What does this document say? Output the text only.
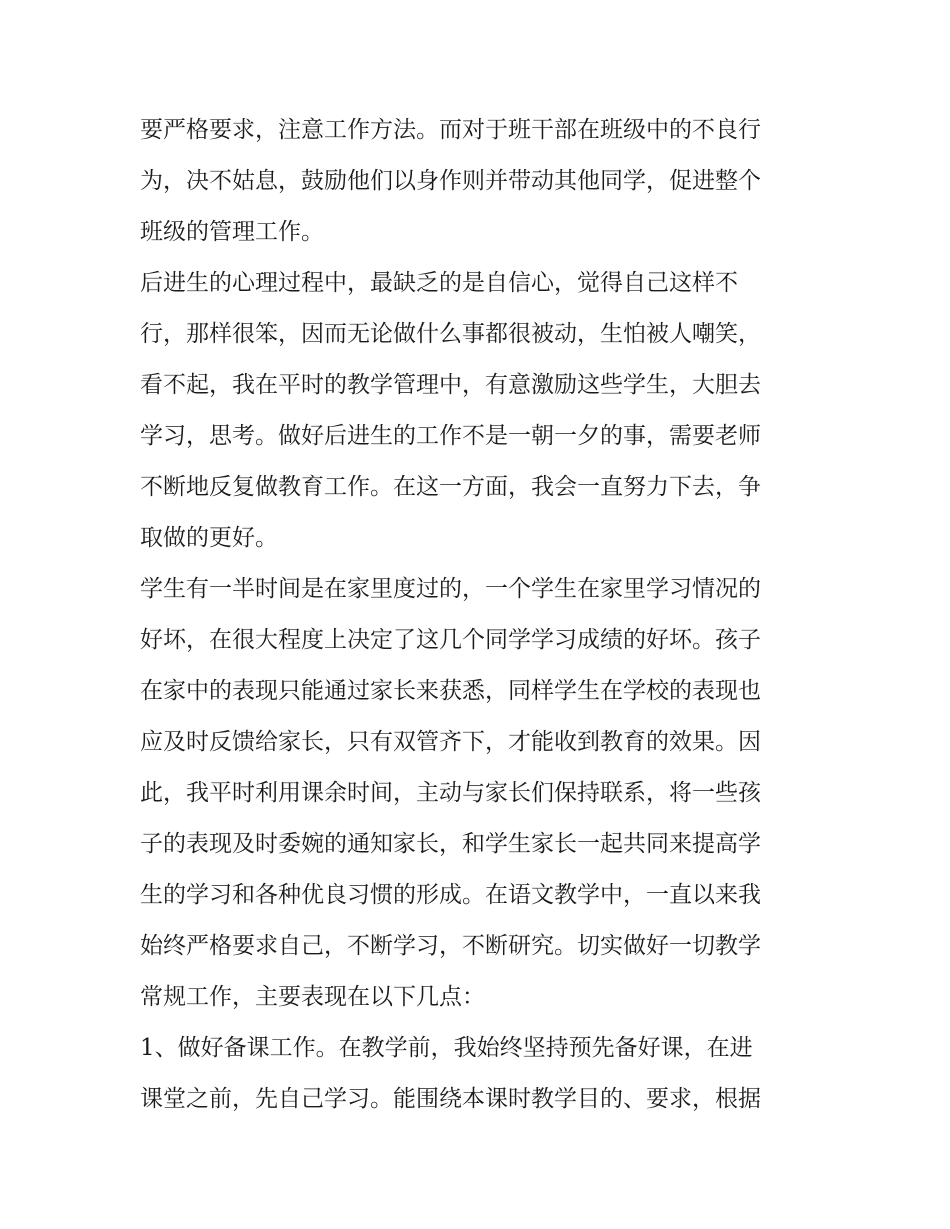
要严格要求，注意工作方法。而对于班干部在班级中的不良行
为，决不姑息，鼓励他们以身作则并带动其他同学，促进整个
班级的管理工作。
后进生的心理过程中，最缺乏的是自信心，觉得自己这样不
行，那样很笨，因而无论做什么事都很被动，生怕被人嘲笑，
看不起，我在平时的教学管理中，有意激励这些学生，大胆去
学习，思考。做好后进生的工作不是一朝一夕的事，需要老师
不断地反复做教育工作。在这一方面，我会一直努力下去，争
取做的更好。
学生有一半时间是在家里度过的，一个学生在家里学习情况的
好坏，在很大程度上决定了这几个同学学习成绩的好坏。孩子
在家中的表现只能通过家长来获悉，同样学生在学校的表现也
应及时反馈给家长，只有双管齐下，才能收到教育的效果。因
此，我平时利用课余时间，主动与家长们保持联系，将一些孩
子的表现及时委婉的通知家长，和学生家长一起共同来提高学
生的学习和各种优良习惯的形成。在语文教学中，一直以来我
始终严格要求自己，不断学习，不断研究。切实做好一切教学
常规工作，主要表现在以下几点：
1、做好备课工作。在教学前，我始终坚持预先备好课，在进
课堂之前，先自己学习。能围绕本课时教学目的、要求，根据
